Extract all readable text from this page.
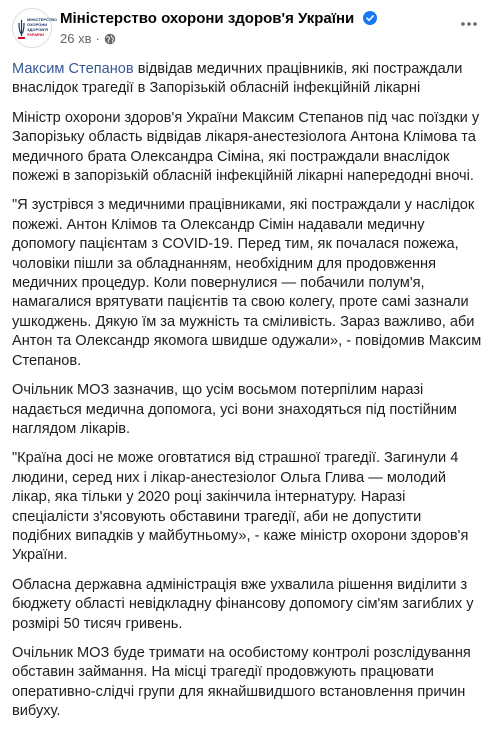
МІНІСТЕРСТВО
ОХОРОНИ
ЗДОРОВ'Я
УКРАЇНИ
Міністерство охорони здоров'я України
26 хв ·

Максим Степанов відвідав медичних працівників, які постраждали внаслідок трагедії в Запорізькій обласній інфекційній лікарні

Міністр охорони здоров'я України Максим Степанов під час поїздки у Запорізьку область відвідав лікаря-анестезіолога Антона Клімова та медичного брата Олександра Сіміна, які постраждали внаслідок пожежі в запорізькій обласній інфекційній лікарні напередодні вночі.

"Я зустрівся з медичними працівниками, які постраждали у наслідок пожежі. Антон Клімов та Олександр Сімін надавали медичну допомогу пацієнтам з COVID-19. Перед тим, як почалася пожежа, чоловіки пішли за обладнанням, необхідним для продовження медичних процедур. Коли повернулися — побачили полум'я, намагалися врятувати пацієнтів та свою колегу, проте самі зазнали ушкоджень. Дякую їм за мужність та сміливість. Зараз важливо, аби Антон та Олександр якомога швидше одужали», - повідомив Максим Степанов.

Очільник МОЗ зазначив, що усім восьмом потерпілим наразі надається медична допомога, усі вони знаходяться під постійним наглядом лікарів.

"Країна досі не може оговтатися від страшної трагедії. Загинули 4 людини, серед них і лікар-анестезіолог Ольга Глива — молодий лікар, яка тільки у 2020 році закінчила інтернатуру. Наразі спеціалісти з'ясовують обставини трагедії, аби не допустити подібних випадків у майбутньому», - каже міністр охорони здоров'я України.

Обласна державна адміністрація вже ухвалила рішення виділити з бюджету області невідкладну фінансову допомогу сім'ям загиблих у розмірі 50 тисяч гривень.

Очільник МОЗ буде тримати на особистому контролі розслідування обставин займання. На місці трагедії продовжують працювати оперативно-слідчі групи для якнайшвидшого встановлення причин вибуху.
